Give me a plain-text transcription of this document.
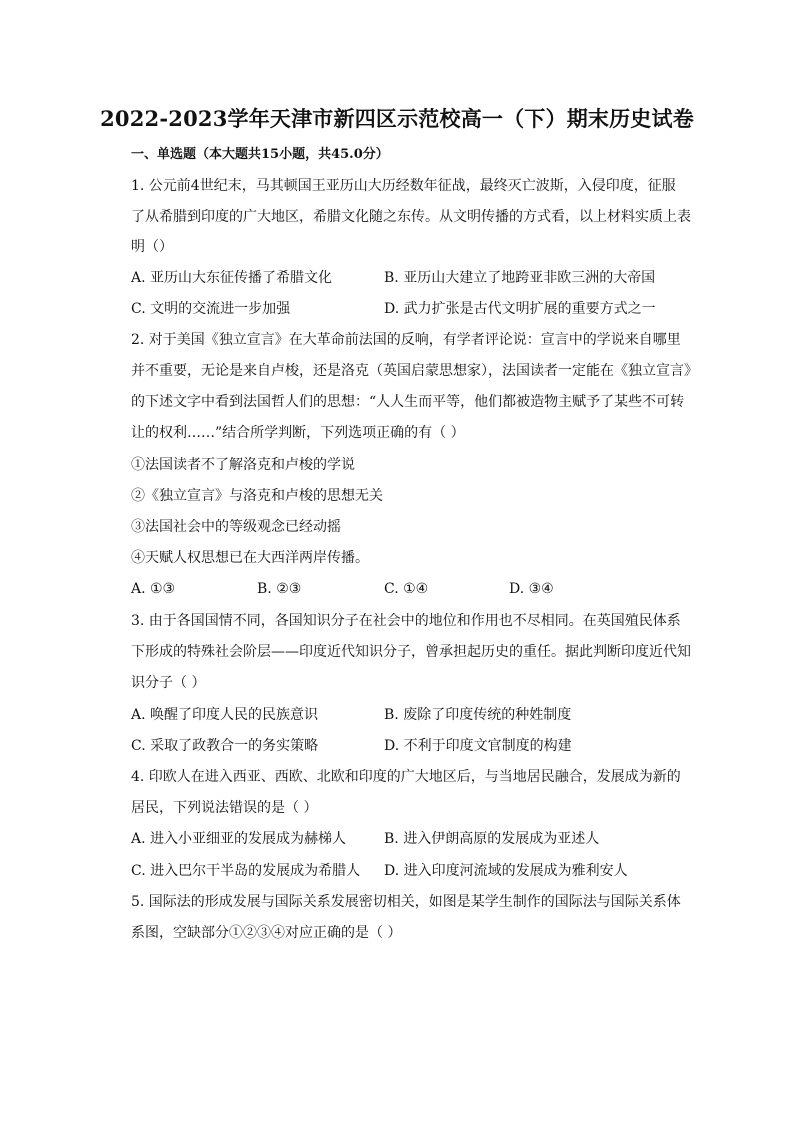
2022-2023学年天津市新四区示范校高一（下）期末历史试卷
一、单选题（本大题共15小题，共45.0分）
1. 公元前4世纪末，马其顿国王亚历山大历经数年征战，最终灭亡波斯，入侵印度，征服
了从希腊到印度的广大地区，希腊文化随之东传。从文明传播的方式看，以上材料实质上表
明（）
A. 亚历山大东征传播了希腊文化	B. 亚历山大建立了地跨亚非欧三洲的大帝国
C. 文明的交流进一步加强	D. 武力扩张是古代文明扩展的重要方式之一
2. 对于美国《独立宣言》在大革命前法国的反响，有学者评论说：宣言中的学说来自哪里
并不重要，无论是来自卢梭，还是洛克（英国启蒙思想家），法国读者一定能在《独立宣言》
的下述文字中看到法国哲人们的思想：“人人生而平等，他们都被造物主赋予了某些不可转
让的权利……”结合所学判断，下列选项正确的有（ ）
①法国读者不了解洛克和卢梭的学说
②《独立宣言》与洛克和卢梭的思想无关
③法国社会中的等级观念已经动摇
④天赋人权思想已在大西洋两岸传播。
A. ①③	B. ②③	C. ①④	D. ③④
3. 由于各国国情不同，各国知识分子在社会中的地位和作用也不尽相同。在英国殖民体系
下形成的特殊社会阶层——印度近代知识分子，曾承担起历史的重任。据此判断印度近代知
识分子（ ）
A. 唤醒了印度人民的民族意识	B. 废除了印度传统的种姓制度
C. 采取了政教合一的务实策略	D. 不利于印度文官制度的构建
4. 印欧人在进入西亚、西欧、北欧和印度的广大地区后，与当地居民融合，发展成为新的
居民，下列说法错误的是（ ）
A. 进入小亚细亚的发展成为赫梯人	B. 进入伊朗高原的发展成为亚述人
C. 进入巴尔干半岛的发展成为希腊人 D. 进入印度河流域的发展成为雅利安人
5. 国际法的形成发展与国际关系发展密切相关，如图是某学生制作的国际法与国际关系体
系图，空缺部分①②③④对应正确的是（ ）
